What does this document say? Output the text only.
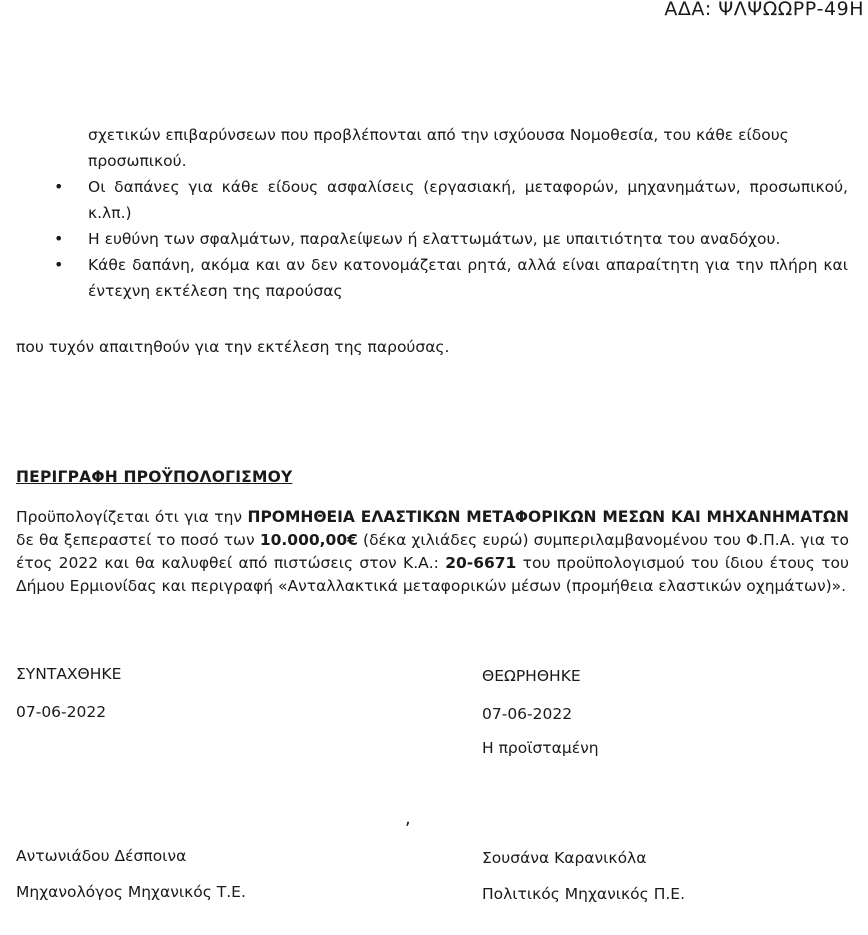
ΑΔΑ: ΨΛΨΩΩΡΡ-49Η
σχετικών επιβαρύνσεων που προβλέπονται από την ισχύουσα Νομοθεσία, του κάθε είδους προσωπικού.
• Οι δαπάνες για κάθε είδους ασφαλίσεις (εργασιακή, μεταφορών, μηχανημάτων, προσωπικού, κ.λπ.)
• Η ευθύνη των σφαλμάτων, παραλείψεων ή ελαττωμάτων, με υπαιτιότητα του αναδόχου.
• Κάθε δαπάνη, ακόμα και αν δεν κατονομάζεται ρητά, αλλά είναι απαραίτητη για την πλήρη και έντεχνη εκτέλεση της παρούσας
που τυχόν απαιτηθούν για την εκτέλεση της παρούσας.
ΠΕΡΙΓΡΑΦΗ ΠΡΟΫΠΟΛΟΓΙΣΜΟΥ

Προϋπολογίζεται ότι για την ΠΡΟΜΗΘΕΙΑ ΕΛΑΣΤΙΚΩΝ ΜΕΤΑΦΟΡΙΚΩΝ ΜΕΣΩΝ ΚΑΙ ΜΗΧΑΝΗΜΑΤΩΝ δε θα ξεπεραστεί το ποσό των 10.000,00€ (δέκα χιλιάδες ευρώ) συμπεριλαμβανομένου του Φ.Π.Α. για το έτος 2022 και θα καλυφθεί από πιστώσεις στον Κ.Α.: 20-6671 του προϋπολογισμού του ίδιου έτους του Δήμου Ερμιονίδας και περιγραφή «Ανταλλακτικά μεταφορικών μέσων (προμήθεια ελαστικών οχημάτων)».

ΣΥΝΤΑΧΘΗΚΕ
07-06-2022
ΘΕΩΡΗΘΗΚΕ
07-06-2022
Η προϊσταμένη
,
Αντωνιάδου Δέσποινα
Μηχανολόγος Μηχανικός Τ.Ε.
Σουσάνα Καρανικόλα
Πολιτικός Μηχανικός Π.Ε.
